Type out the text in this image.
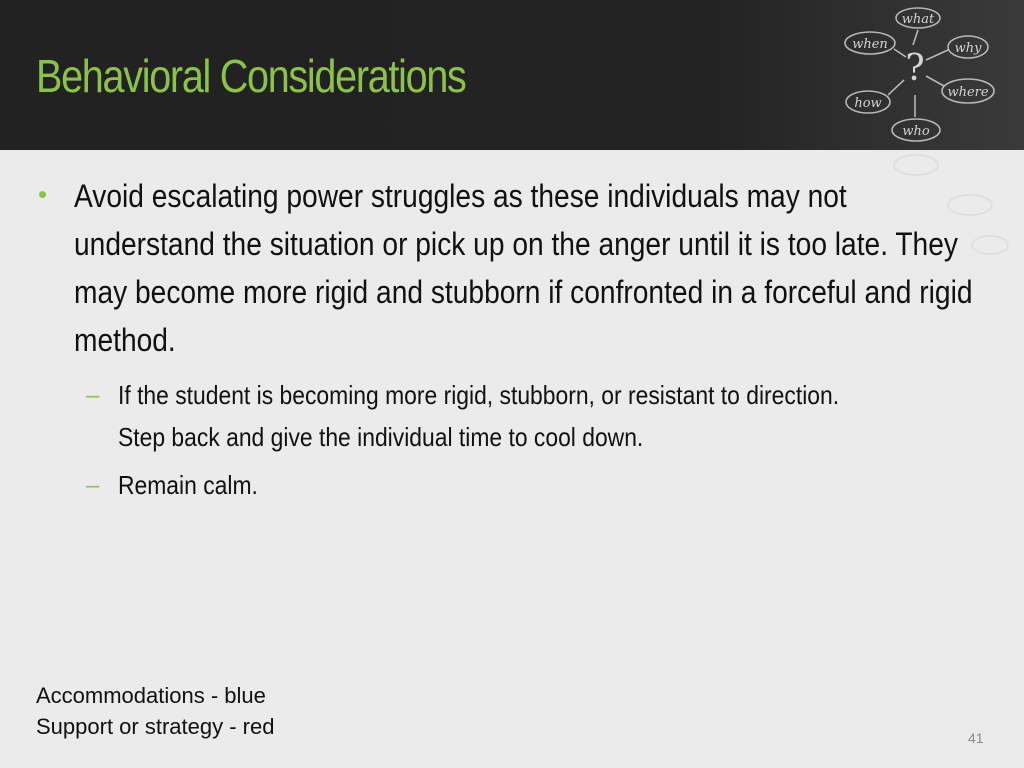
Behavioral Considerations
what
when	why
how
where
who
?
• Avoid escalating power struggles as these individuals may not understand the situation or pick up on the anger until it is too late. They may become more rigid and stubborn if confronted in a forceful and rigid method.

– If the student is becoming more rigid, stubborn, or resistant to direction. Step back and give the individual time to cool down.

– Remain calm.

Accommodations - blue
Support or strategy - red	41
